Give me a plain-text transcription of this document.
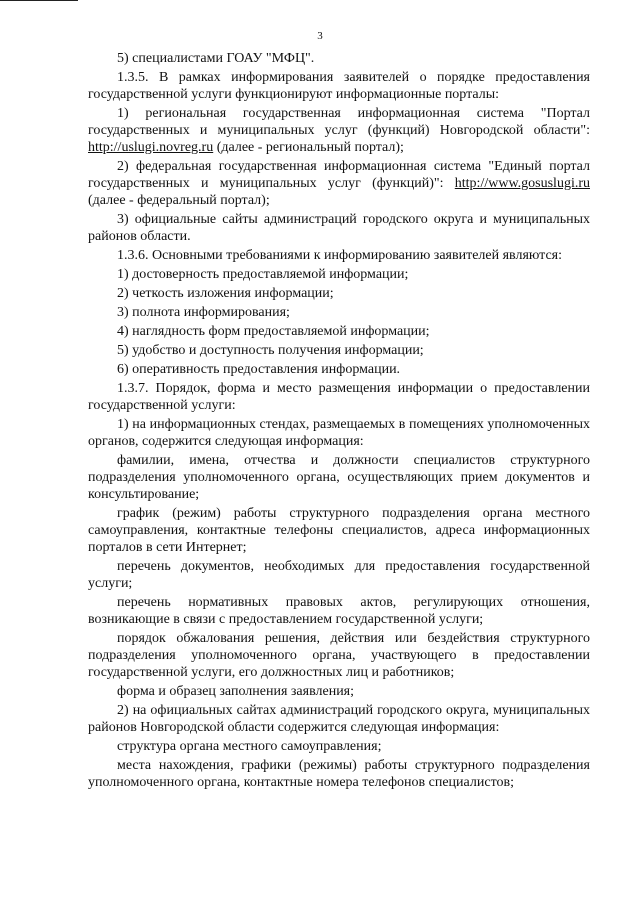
3

5) специалистами ГОАУ "МФЦ".

1.3.5. В рамках информирования заявителей о порядке предоставления государственной услуги функционируют информационные порталы:

1) региональная государственная информационная система "Портал государственных и муниципальных услуг (функций) Новгородской области": http://uslugi.novreg.ru (далее - региональный портал);

2) федеральная государственная информационная система "Единый портал государственных и муниципальных услуг (функций)": http://www.gosuslugi.ru (далее - федеральный портал);

3) официальные сайты администраций городского округа и муниципальных районов области.

1.3.6. Основными требованиями к информированию заявителей являются:

1) достоверность предоставляемой информации;

2) четкость изложения информации;

3) полнота информирования;

4) наглядность форм предоставляемой информации;

5) удобство и доступность получения информации;

6) оперативность предоставления информации.

1.3.7. Порядок, форма и место размещения информации о предоставлении государственной услуги:

1) на информационных стендах, размещаемых в помещениях уполномоченных органов, содержится следующая информация:

фамилии, имена, отчества и должности специалистов структурного подразделения уполномоченного органа, осуществляющих прием документов и консультирование;

график (режим) работы структурного подразделения органа местного самоуправления, контактные телефоны специалистов, адреса информационных порталов в сети Интернет;

перечень документов, необходимых для предоставления государственной услуги;

перечень нормативных правовых актов, регулирующих отношения, возникающие в связи с предоставлением государственной услуги;

порядок обжалования решения, действия или бездействия структурного подразделения уполномоченного органа, участвующего в предоставлении государственной услуги, его должностных лиц и работников;

форма и образец заполнения заявления;

2) на официальных сайтах администраций городского округа, муниципальных районов Новгородской области содержится следующая информация:

структура органа местного самоуправления;

места нахождения, графики (режимы) работы структурного подразделения уполномоченного органа, контактные номера телефонов специалистов;
